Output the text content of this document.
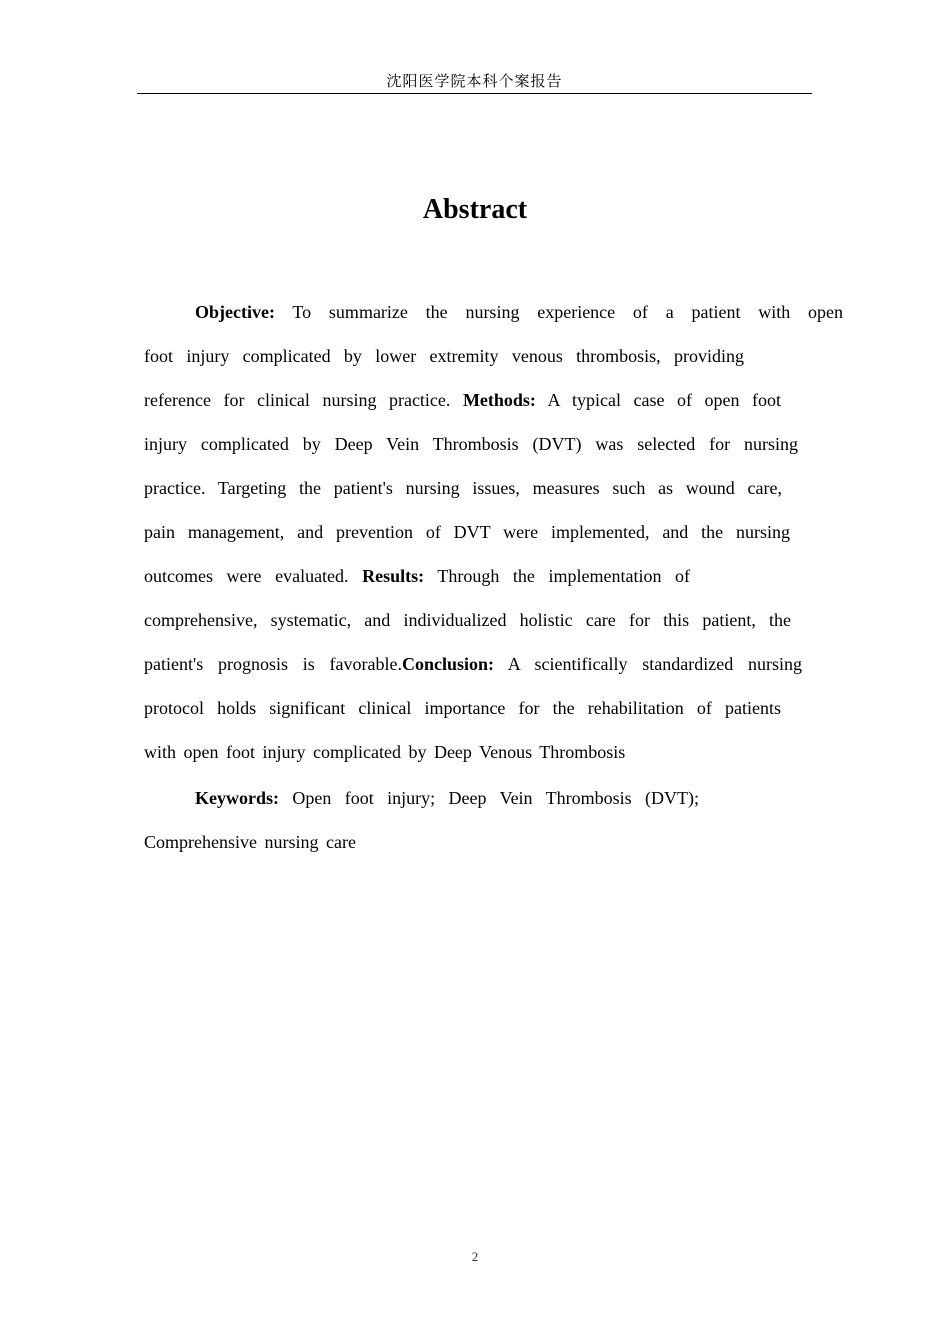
沈阳医学院本科个案报告
Abstract
Objective: To summarize the nursing experience of a patient with open
foot injury complicated by lower extremity venous thrombosis, providing
reference for clinical nursing practice. Methods: A typical case of open foot
injury complicated by Deep Vein Thrombosis (DVT) was selected for nursing
practice. Targeting the patient's nursing issues, measures such as wound care,
pain management, and prevention of DVT were implemented, and the nursing
outcomes were evaluated. Results: Through the implementation of
comprehensive, systematic, and individualized holistic care for this patient, the
patient's prognosis is favorable.Conclusion: A scientifically standardized nursing
protocol holds significant clinical importance for the rehabilitation of patients
with open foot injury complicated by Deep Venous Thrombosis
Keywords: Open foot injury; Deep Vein Thrombosis (DVT);
Comprehensive nursing care
2
